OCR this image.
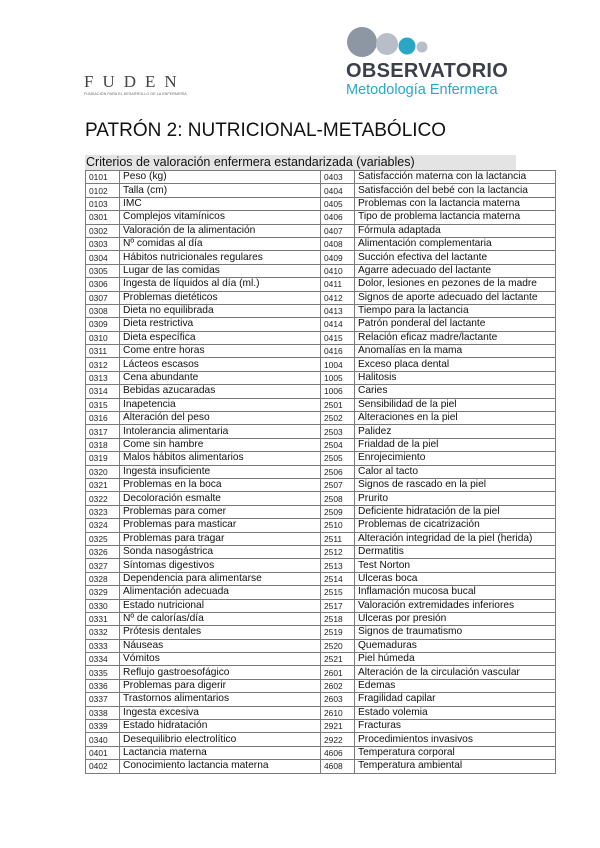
FUDEN
FUNDACIÓN PARA EL DESARROLLO DE LA ENFERMERÍA
OBSERVATORIO
Metodología Enfermera
PATRÓN 2: NUTRICIONAL-METABÓLICO
Criterios de valoración enfermera estandarizada (variables)
0101	Peso (kg)	0403	Satisfacción materna con la lactancia
0102	Talla (cm)	0404	Satisfacción del bebé con la lactancia
0103	IMC	0405	Problemas con la lactancia materna
0301	Complejos vitamínicos	0406	Tipo de problema lactancia materna
0302	Valoración de la alimentación	0407	Fórmula adaptada
0303	Nº comidas al día	0408	Alimentación complementaria
0304	Hábitos nutricionales regulares	0409	Succión efectiva del lactante
0305	Lugar de las comidas	0410	Agarre adecuado del lactante
0306	Ingesta de líquidos al día (ml.)	0411	Dolor, lesiones en pezones de la madre
0307	Problemas dietéticos	0412	Signos de aporte adecuado del lactante
0308	Dieta no equilibrada	0413	Tiempo para la lactancia
0309	Dieta restrictiva	0414	Patrón ponderal del lactante
0310	Dieta específica	0415	Relación eficaz madre/lactante
0311	Come entre horas	0416	Anomalías en la mama
0312	Lácteos escasos	1004	Exceso placa dental
0313	Cena abundante	1005	Halitosis
0314	Bebidas azucaradas	1006	Caries
0315	Inapetencia	2501	Sensibilidad de la piel
0316	Alteración del peso	2502	Alteraciones en la piel
0317	Intolerancia alimentaria	2503	Palidez
0318	Come sin hambre	2504	Frialdad de la piel
0319	Malos hábitos alimentarios	2505	Enrojecimiento
0320	Ingesta insuficiente	2506	Calor al tacto
0321	Problemas en la boca	2507	Signos de rascado en la piel
0322	Decoloración esmalte	2508	Prurito
0323	Problemas para comer	2509	Deficiente hidratación de la piel
0324	Problemas para masticar	2510	Problemas de cicatrización
0325	Problemas para tragar	2511	Alteración integridad de la piel (herida)
0326	Sonda nasogástrica	2512	Dermatitis
0327	Síntomas digestivos	2513	Test Norton
0328	Dependencia para alimentarse	2514	Ulceras boca
0329	Alimentación adecuada	2515	Inflamación mucosa bucal
0330	Estado nutricional	2517	Valoración extremidades inferiores
0331	Nº de calorías/día	2518	Ulceras por presión
0332	Prótesis dentales	2519	Signos de traumatismo
0333	Náuseas	2520	Quemaduras
0334	Vómitos	2521	Piel húmeda
0335	Reflujo gastroesofágico	2601	Alteración de la circulación vascular
0336	Problemas para digerir	2602	Edemas
0337	Trastornos alimentarios	2603	Fragilidad capilar
0338	Ingesta excesiva	2610	Estado volemia
0339	Estado hidratación	2921	Fracturas
0340	Desequilibrio electrolítico	2922	Procedimientos invasivos
0401	Lactancia materna	4606	Temperatura corporal
0402	Conocimiento lactancia materna	4608	Temperatura ambiental
